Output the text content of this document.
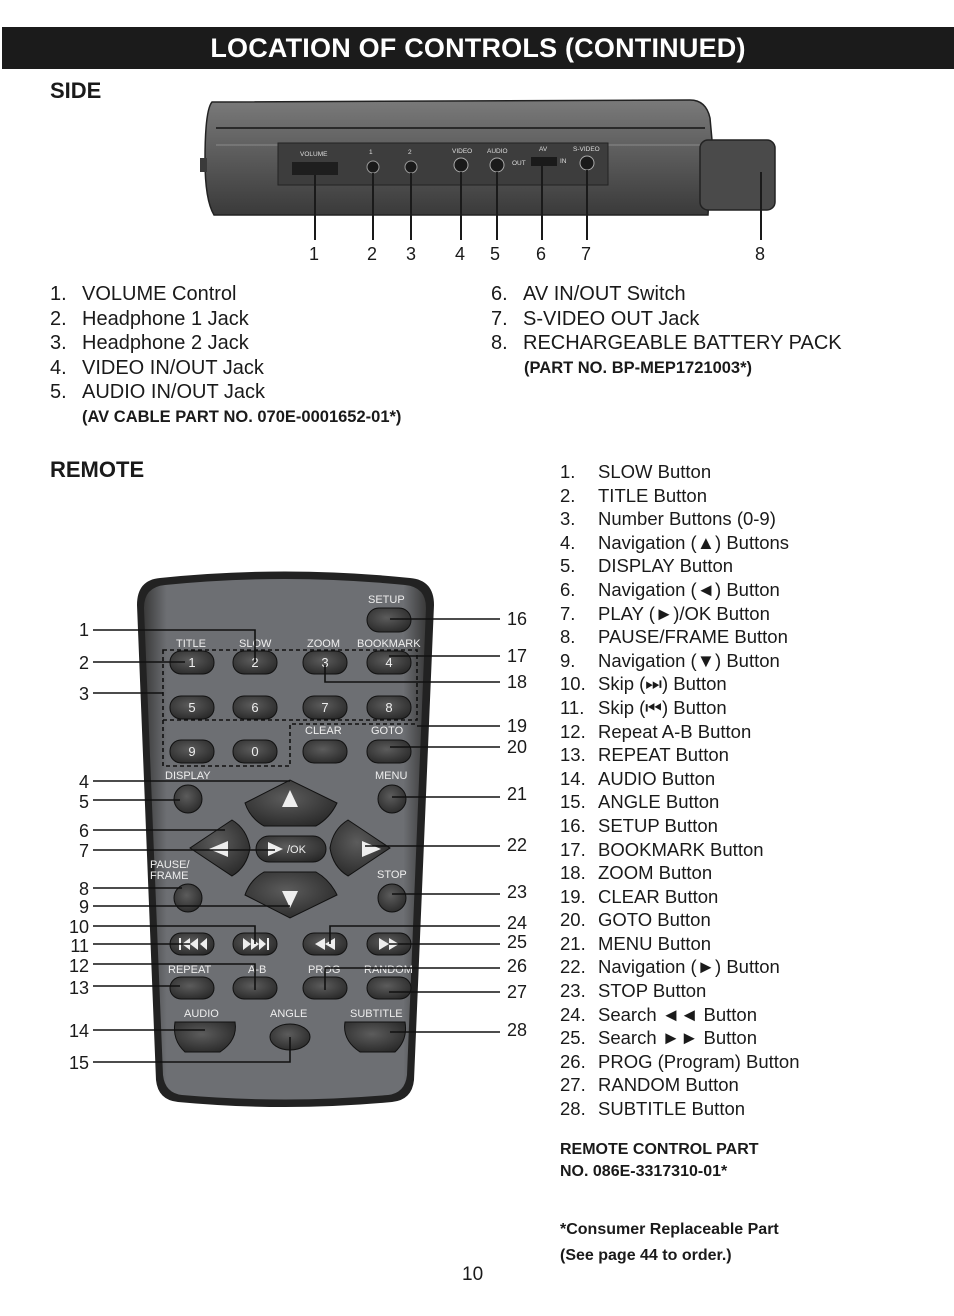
LOCATION OF CONTROLS (CONTINUED)
SIDE
VOLUME	1	2	VIDEO AUDIO	AV
OUT	IN
S-VIDEO
1	2 3 4 5 6 7	8
SETUP
TITLE	SLOW	ZOOM BOOKMARK
CLEAR	GOTO
DISPLAY	MENU
PAUSE/
FRAME	STOP
REPEAT	A-B	PROG RANDOM
AUDIO	ANGLE	SUBTITLE
1	2	3	4
5	6	7	8
9	0
/OK
1
2
3
4
5
6
7
8
9
10
11
12
13
14
15
16
17
18
19
20
21
22
23
24
25
26
27
28
1. VOLUME Control
2. Headphone 1 Jack
3. Headphone 2 Jack
4. VIDEO IN/OUT Jack
5. AUDIO IN/OUT Jack
(AV CABLE PART NO. 070E-0001652-01*)
6. AV IN/OUT Switch
7. S-VIDEO OUT Jack
8. RECHARGEABLE BATTERY PACK
(PART NO. BP-MEP1721003*)
REMOTE	1. SLOW Button
2. TITLE Button
3. Number Buttons (0-9)
4. Navigation (▲) Buttons
5. DISPLAY Button
6. Navigation (◄) Button
7. PLAY (►)/OK Button
8. PAUSE/FRAME Button
9. Navigation (▼) Button
10. Skip (⏭) Button
11. Skip (⏮) Button
12. Repeat A-B Button
13. REPEAT Button
14. AUDIO Button
15. ANGLE Button
16. SETUP Button
17. BOOKMARK Button
18. ZOOM Button
19. CLEAR Button
20. GOTO Button
21. MENU Button
22. Navigation (►) Button
23. STOP Button
24. Search ◄◄ Button
25. Search ►► Button
26. PROG (Program) Button
27. RANDOM Button
28. SUBTITLE Button
REMOTE CONTROL PART
NO. 086E-3317310-01*
*Consumer Replaceable Part
(See page 44 to order.)
10
